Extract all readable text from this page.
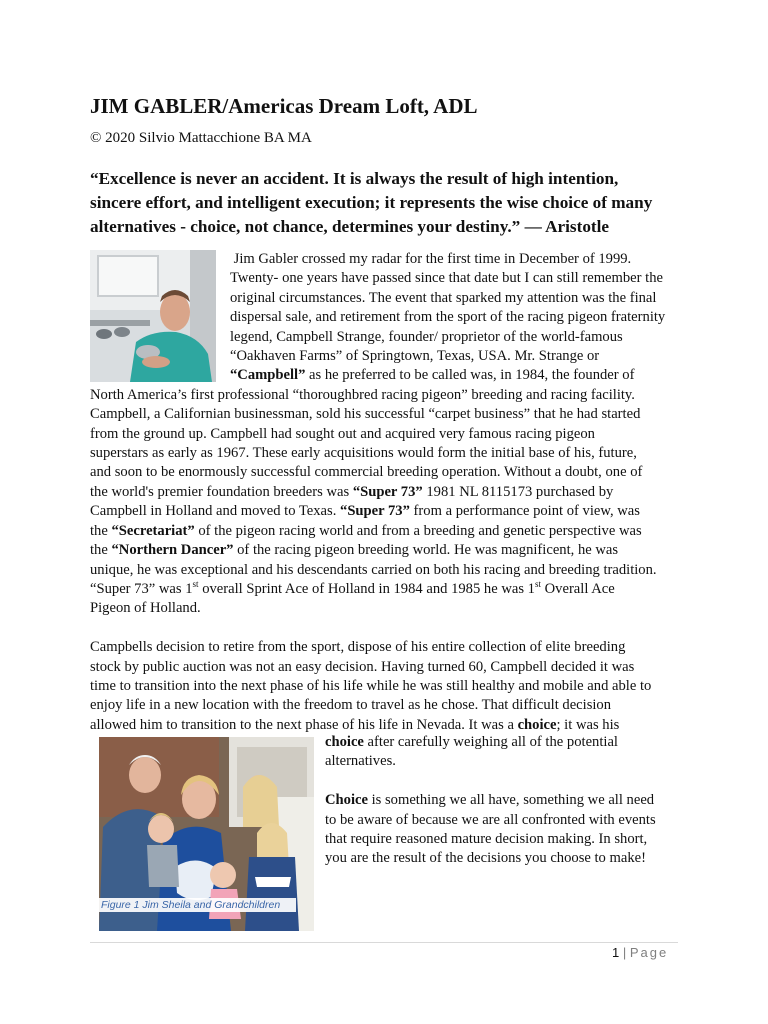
JIM GABLER/Americas Dream Loft, ADL
© 2020 Silvio Mattacchione BA MA
“Excellence is never an accident. It is always the result of high intention,
sincere effort, and intelligent execution; it represents the wise choice of many
alternatives - choice, not chance, determines your destiny.” — Aristotle
Jim Gabler crossed my radar for the first time in December of 1999.
Twenty- one years have passed since that date but I can still remember the
original circumstances. The event that sparked my attention was the final
dispersal sale, and retirement from the sport of the racing pigeon fraternity
legend, Campbell Strange, founder/ proprietor of the world-famous
“Oakhaven Farms” of Springtown, Texas, USA. Mr. Strange or
“Campbell” as he preferred to be called was, in 1984, the founder of
North America’s first professional “thoroughbred racing pigeon” breeding and racing facility.
Campbell, a Californian businessman, sold his successful “carpet business” that he had started
from the ground up. Campbell had sought out and acquired very famous racing pigeon
superstars as early as 1967. These early acquisitions would form the initial base of his, future,
and soon to be enormously successful commercial breeding operation. Without a doubt, one of
the world's premier foundation breeders was “Super 73” 1981 NL 8115173 purchased by
Campbell in Holland and moved to Texas. “Super 73” from a performance point of view, was
the “Secretariat” of the pigeon racing world and from a breeding and genetic perspective was
the “Northern Dancer” of the racing pigeon breeding world. He was magnificent, he was
unique, he was exceptional and his descendants carried on both his racing and breeding tradition.
“Super 73” was 1st overall Sprint Ace of Holland in 1984 and 1985 he was 1st Overall Ace
Pigeon of Holland.

Campbells decision to retire from the sport, dispose of his entire collection of elite breeding
stock by public auction was not an easy decision. Having turned 60, Campbell decided it was
time to transition into the next phase of his life while he was still healthy and mobile and able to
enjoy life in a new location with the freedom to travel as he chose. That difficult decision
allowed him to transition to the next phase of his life in Nevada. It was a choice; it was his
Figure 1 Jim Sheila and Grandchildren
choice after carefully weighing all of the potential
alternatives.
Choice is something we all have, something we all need
to be aware of because we are all confronted with events
that require reasoned mature decision making. In short,
you are the result of the decisions you choose to make!
1 | Page
